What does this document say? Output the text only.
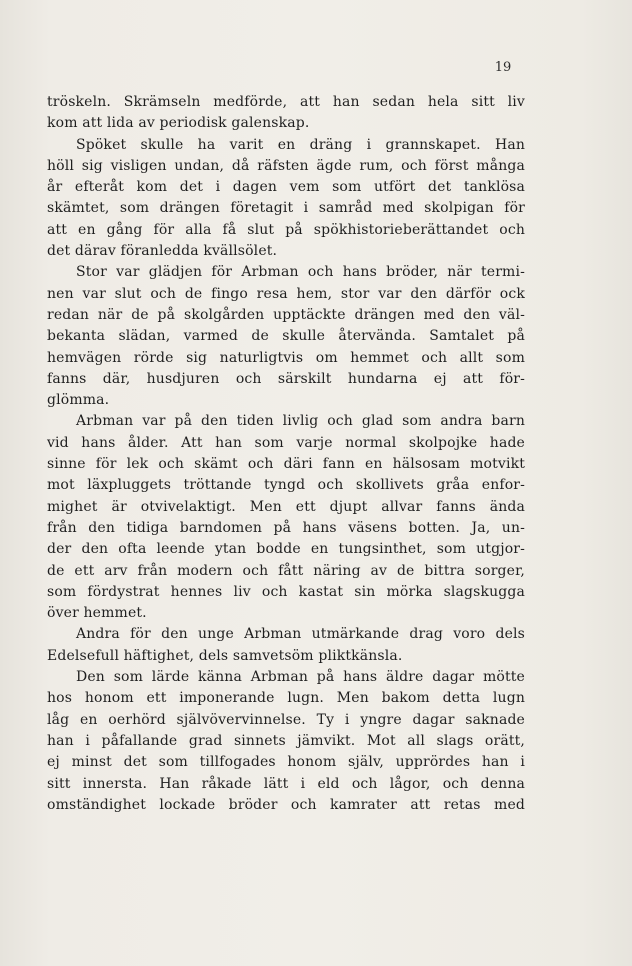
19
tröskeln. Skrämseln medförde, att han sedan hela sitt liv
kom att lida av periodisk galenskap.
Spöket skulle ha varit en dräng i grannskapet. Han
höll sig visligen undan, då räfsten ägde rum, och först många
år efteråt kom det i dagen vem som utfört det tanklösa
skämtet, som drängen företagit i samråd med skolpigan för
att en gång för alla få slut på spökhistorieberättandet och
det därav föranledda kvällsölet.
Stor var glädjen för Arbman och hans bröder, när termi-
nen var slut och de fingo resa hem, stor var den därför ock
redan när de på skolgården upptäckte drängen med den väl-
bekanta slädan, varmed de skulle återvända. Samtalet på
hemvägen rörde sig naturligtvis om hemmet och allt som
fanns där, husdjuren och särskilt hundarna ej att för-
glömma.
Arbman var på den tiden livlig och glad som andra barn
vid hans ålder. Att han som varje normal skolpojke hade
sinne för lek och skämt och däri fann en hälsosam motvikt
mot läxpluggets tröttande tyngd och skollivets gråa enfor-
mighet är otvivelaktigt. Men ett djupt allvar fanns ända
från den tidiga barndomen på hans väsens botten. Ja, un-
der den ofta leende ytan bodde en tungsinthet, som utgjor-
de ett arv från modern och fått näring av de bittra sorger,
som fördystrat hennes liv och kastat sin mörka slagskugga
över hemmet.
Andra för den unge Arbman utmärkande drag voro dels
Edelsefull häftighet, dels samvetsöm pliktkänsla.
Den som lärde känna Arbman på hans äldre dagar mötte
hos honom ett imponerande lugn. Men bakom detta lugn
låg en oerhörd självövervinnelse. Ty i yngre dagar saknade
han i påfallande grad sinnets jämvikt. Mot all slags orätt,
ej minst det som tillfogades honom själv, upprördes han i
sitt innersta. Han råkade lätt i eld och lågor, och denna
omständighet lockade bröder och kamrater att retas med
